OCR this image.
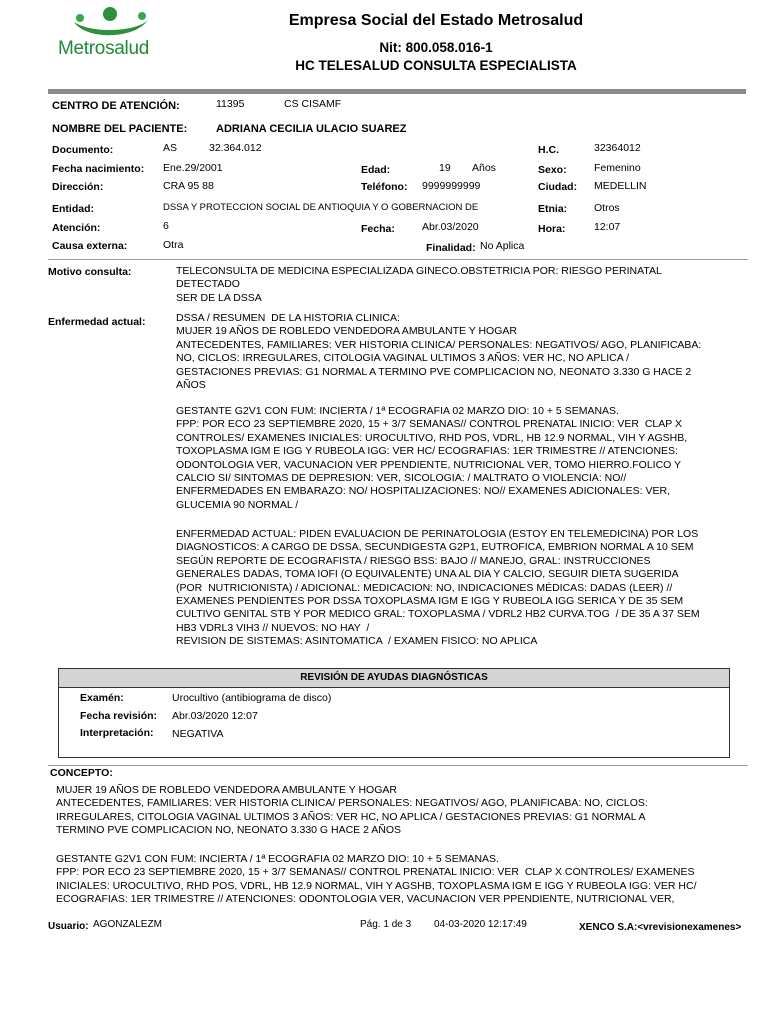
Metrosalud
Empresa Social del Estado Metrosalud
Nit: 800.058.016-1
HC TELESALUD CONSULTA ESPECIALISTA
CENTRO DE ATENCIÓN:	11395	CS CISAMF
NOMBRE DEL PACIENTE:	ADRIANA CECILIA ULACIO SUAREZ
Documento:	AS	32.364.012	H.C.	32364012
Fecha nacimiento: Ene.29/2001	Edad:	19 Años	Sexo:	Femenino
Dirección:	CRA 95 88	Teléfono: 9999999999	Ciudad: MEDELLIN
Entidad:	DSSA Y PROTECCION SOCIAL DE ANTIOQUIA Y O GOBERNACION DE	Etnia:	Otros
Atención:	6	Fecha:	Abr.03/2020	Hora:	12:07
Causa externa:	Otra	Finalidad: No Aplica
Motivo consulta:	TELECONSULTA DE MEDICINA ESPECIALIZADA GINECO.OBSTETRICIA POR: RIESGO PERINATAL
DETECTADO
SER DE LA DSSA
Enfermedad actual:	DSSA / RESUMEN  DE LA HISTORIA CLINICA:
MUJER 19 AÑOS DE ROBLEDO VENDEDORA AMBULANTE Y HOGAR
ANTECEDENTES, FAMILIARES: VER HISTORIA CLINICA/ PERSONALES: NEGATIVOS/ AGO, PLANIFICABA:
NO, CICLOS: IRREGULARES, CITOLOGIA VAGINAL ULTIMOS 3 AÑOS: VER HC, NO APLICA /
GESTACIONES PREVIAS: G1 NORMAL A TERMINO PVE COMPLICACION NO, NEONATO 3.330 G HACE 2
AÑOS
GESTANTE G2V1 CON FUM: INCIERTA / 1ª ECOGRAFIA 02 MARZO DIO: 10 + 5 SEMANAS.
FPP: POR ECO 23 SEPTIEMBRE 2020, 15 + 3/7 SEMANAS// CONTROL PRENATAL INICIO: VER  CLAP X
CONTROLES/ EXAMENES INICIALES: UROCULTIVO, RHD POS, VDRL, HB 12.9 NORMAL, VIH Y AGSHB,
TOXOPLASMA IGM E IGG Y RUBEOLA IGG: VER HC/ ECOGRAFIAS: 1ER TRIMESTRE // ATENCIONES:
ODONTOLOGIA VER, VACUNACION VER PPENDIENTE, NUTRICIONAL VER, TOMO HIERRO.FOLICO Y
CALCIO SI/ SINTOMAS DE DEPRESION: VER, SICOLOGIA: / MALTRATO O VIOLENCIA: NO//
ENFERMEDADES EN EMBARAZO: NO/ HOSPITALIZACIONES: NO// EXAMENES ADICIONALES: VER,
GLUCEMIA 90 NORMAL /
ENFERMEDAD ACTUAL: PIDEN EVALUACION DE PERINATOLOGIA (ESTOY EN TELEMEDICINA) POR LOS
DIAGNOSTICOS: A CARGO DE DSSA, SECUNDIGESTA G2P1, EUTROFICA, EMBRION NORMAL A 10 SEM
SEGÚN REPORTE DE ECOGRAFISTA / RIESGO BSS: BAJO // MANEJO, GRAL: INSTRUCCIONES
GENERALES DADAS, TOMA IOFI (O EQUIVALENTE) UNA AL DIA Y CALCIO, SEGUIR DIETA SUGERIDA
(POR  NUTRICIONISTA) / ADICIONAL: MEDICACION: NO, INDICACIONES MÉDICAS: DADAS (LEER) //
EXAMENES PENDIENTES POR DSSA TOXOPLASMA IGM E IGG Y RUBEOLA IGG SERICA Y DE 35 SEM
CULTIVO GENITAL STB Y POR MEDICO GRAL: TOXOPLASMA / VDRL2 HB2 CURVA.TOG  / DE 35 A 37 SEM
HB3 VDRL3 VIH3 // NUEVOS: NO HAY  /
REVISION DE SISTEMAS: ASINTOMATICA  / EXAMEN FISICO: NO APLICA
REVISIÓN DE AYUDAS DIAGNÓSTICAS
Examén:	Urocultivo (antibiograma de disco)
Fecha revisión: Abr.03/2020 12:07
Interpretación: NEGATIVA
CONCEPTO:
MUJER 19 AÑOS DE ROBLEDO VENDEDORA AMBULANTE Y HOGAR
ANTECEDENTES, FAMILIARES: VER HISTORIA CLINICA/ PERSONALES: NEGATIVOS/ AGO, PLANIFICABA: NO, CICLOS:
IRREGULARES, CITOLOGIA VAGINAL ULTIMOS 3 AÑOS: VER HC, NO APLICA / GESTACIONES PREVIAS: G1 NORMAL A
TERMINO PVE COMPLICACION NO, NEONATO 3.330 G HACE 2 AÑOS
GESTANTE G2V1 CON FUM: INCIERTA / 1ª ECOGRAFIA 02 MARZO DIO: 10 + 5 SEMANAS.
FPP: POR ECO 23 SEPTIEMBRE 2020, 15 + 3/7 SEMANAS// CONTROL PRENATAL INICIO: VER  CLAP X CONTROLES/ EXAMENES
INICIALES: UROCULTIVO, RHD POS, VDRL, HB 12.9 NORMAL, VIH Y AGSHB, TOXOPLASMA IGM E IGG Y RUBEOLA IGG: VER HC/
ECOGRAFIAS: 1ER TRIMESTRE // ATENCIONES: ODONTOLOGIA VER, VACUNACION VER PPENDIENTE, NUTRICIONAL VER,
Usuario: AGONZALEZM	Pág. 1 de 3 04-03-2020 12:17:49	XENCO S.A:<vrevisionexamenes>
